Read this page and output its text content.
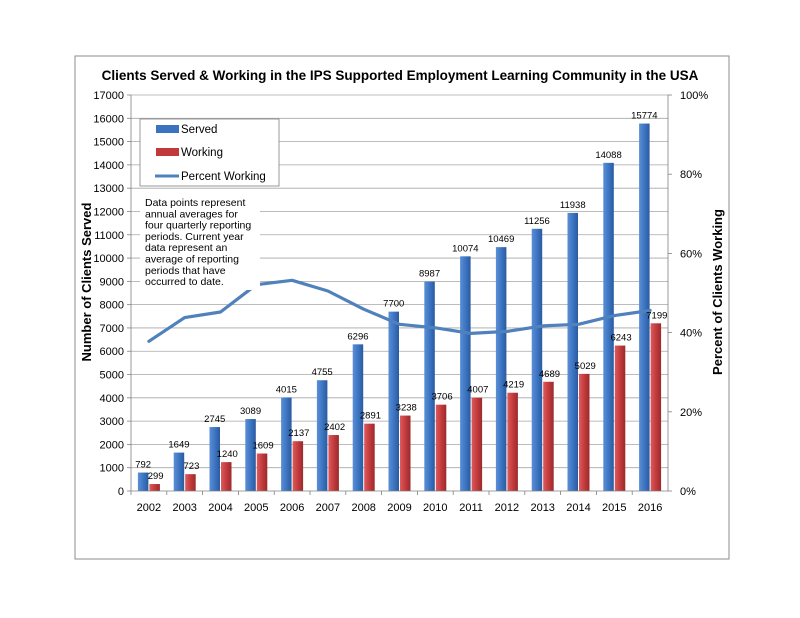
Clients Served & Working in the IPS Supported Employment Learning Community in the USA
792
299
1649
723
2745
1240
3089
1609
4015
2137
4755
2402
6296
2891
7700
3238
8987
3706
10074
4007
10469
4219
11256
4689
11938
5029
14088
6243
15774
7199
0
1000
2000
3000
4000
5000
6000
7000
8000
9000
10000
11000
12000
13000
14000
15000
16000
17000
0%
20%
40%
60%
80%
100%
2002 2003 2004 2005 2006 2007 2008 2009 2010 2011 2012 2013 2014 2015 2016
Number of Clients Served	Percent of Clients Working
Served
Working
Percent Working
Data points represent
annual averages for
four quarterly reporting
periods. Current year
data represent an
average of reporting
periods that have
occurred to date.
